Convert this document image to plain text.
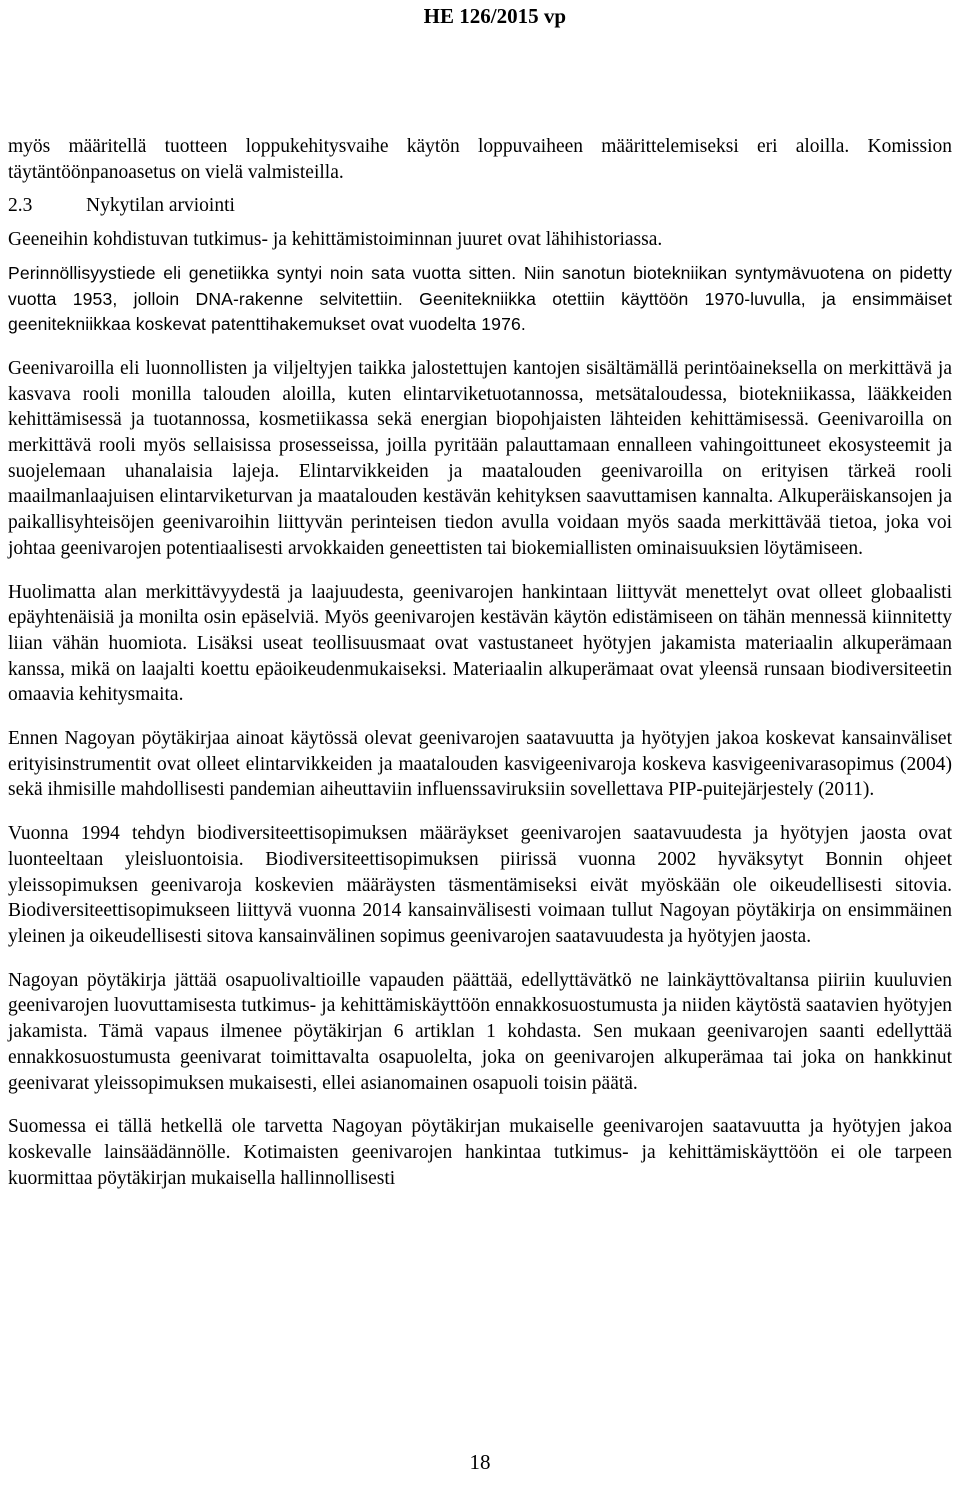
HE 126/2015 vp

myös määritellä tuotteen loppukehitysvaihe käytön loppuvaiheen määrittelemiseksi eri aloilla. Komission täytäntöönpanoasetus on vielä valmisteilla.

2.3	Nykytilan arviointi

Geeneihin kohdistuvan tutkimus- ja kehittämistoiminnan juuret ovat lähihistoriassa.

Perinnöllisyystiede eli genetiikka syntyi noin sata vuotta sitten. Niin sanotun biotekniikan syntymävuotena on pidetty vuotta 1953, jolloin DNA-rakenne selvitettiin. Geenitekniikka otettiin käyttöön 1970-luvulla, ja ensimmäiset geenitekniikkaa koskevat patenttihakemukset ovat vuodelta 1976.

Geenivaroilla eli luonnollisten ja viljeltyjen taikka jalostettujen kantojen sisältämällä perintöaineksella on merkittävä ja kasvava rooli monilla talouden aloilla, kuten elintarviketuotannossa, metsätaloudessa, biotekniikassa, lääkkeiden kehittämisessä ja tuotannossa, kosmetiikassa sekä energian biopohjaisten lähteiden kehittämisessä. Geenivaroilla on merkittävä rooli myös sellaisissa prosesseissa, joilla pyritään palauttamaan ennalleen vahingoittuneet ekosysteemit ja suojelemaan uhanalaisia lajeja. Elintarvikkeiden ja maatalouden geenivaroilla on erityisen tärkeä rooli maailmanlaajuisen elintarviketurvan ja maatalouden kestävän kehityksen saavuttamisen kannalta. Alkuperäiskansojen ja paikallisyhteisöjen geenivaroihin liittyvän perinteisen tiedon avulla voidaan myös saada merkittävää tietoa, joka voi johtaa geenivarojen potentiaalisesti arvokkaiden geneettisten tai biokemiallisten ominaisuuksien löytämiseen.

Huolimatta alan merkittävyydestä ja laajuudesta, geenivarojen hankintaan liittyvät menettelyt ovat olleet globaalisti epäyhtenäisiä ja monilta osin epäselviä. Myös geenivarojen kestävän käytön edistämiseen on tähän mennessä kiinnitetty liian vähän huomiota. Lisäksi useat teollisuusmaat ovat vastustaneet hyötyjen jakamista materiaalin alkuperämaan kanssa, mikä on laajalti koettu epäoikeudenmukaiseksi. Materiaalin alkuperämaat ovat yleensä runsaan biodiversiteetin omaavia kehitysmaita.

Ennen Nagoyan pöytäkirjaa ainoat käytössä olevat geenivarojen saatavuutta ja hyötyjen jakoa koskevat kansainväliset erityisinstrumentit ovat olleet elintarvikkeiden ja maatalouden kasvigeenivaroja koskeva kasvigeenivarasopimus (2004) sekä ihmisille mahdollisesti pandemian aiheuttaviin influenssaviruksiin sovellettava PIP-puitejärjestely (2011).

Vuonna 1994 tehdyn biodiversiteettisopimuksen määräykset geenivarojen saatavuudesta ja hyötyjen jaosta ovat luonteeltaan yleisluontoisia. Biodiversiteettisopimuksen piirissä vuonna 2002 hyväksytyt Bonnin ohjeet yleissopimuksen geenivaroja koskevien määräysten täsmentämiseksi eivät myöskään ole oikeudellisesti sitovia. Biodiversiteettisopimukseen liittyvä vuonna 2014 kansainvälisesti voimaan tullut Nagoyan pöytäkirja on ensimmäinen yleinen ja oikeudellisesti sitova kansainvälinen sopimus geenivarojen saatavuudesta ja hyötyjen jaosta.

Nagoyan pöytäkirja jättää osapuolivaltioille vapauden päättää, edellyttävätkö ne lainkäyttövaltansa piiriin kuuluvien geenivarojen luovuttamisesta tutkimus- ja kehittämiskäyttöön ennakkosuostumusta ja niiden käytöstä saatavien hyötyjen jakamista. Tämä vapaus ilmenee pöytäkirjan 6 artiklan 1 kohdasta. Sen mukaan geenivarojen saanti edellyttää ennakkosuostumusta geenivarat toimittavalta osapuolelta, joka on geenivarojen alkuperämaa tai joka on hankkinut geenivarat yleissopimuksen mukaisesti, ellei asianomainen osapuoli toisin päätä.

Suomessa ei tällä hetkellä ole tarvetta Nagoyan pöytäkirjan mukaiselle geenivarojen saatavuutta ja hyötyjen jakoa koskevalle lainsäädännölle. Kotimaisten geenivarojen hankintaa tutkimus- ja kehittämiskäyttöön ei ole tarpeen kuormittaa pöytäkirjan mukaisella hallinnollisesti

18
